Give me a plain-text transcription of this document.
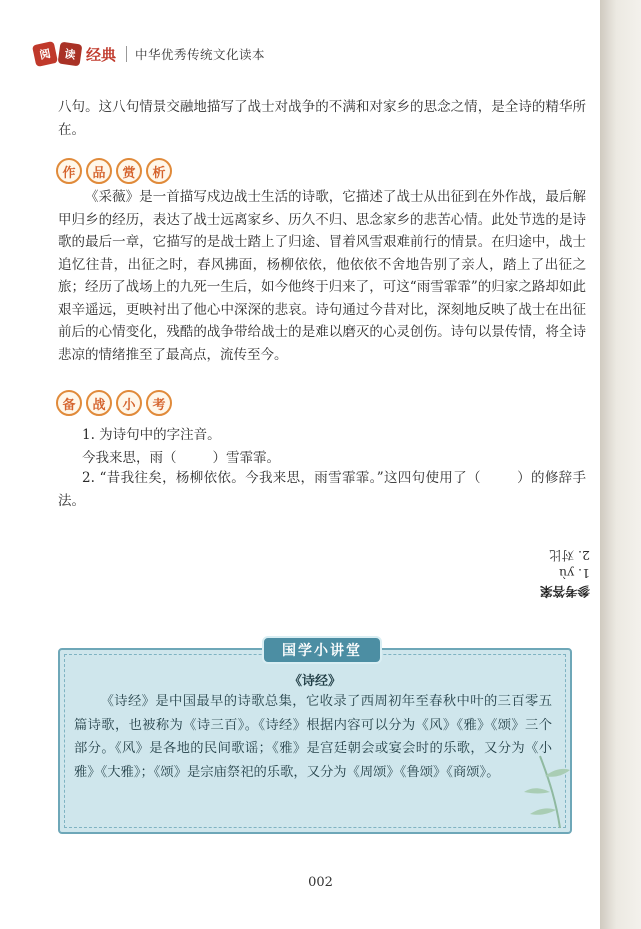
阅	读 经典 中华优秀传统文化读本
八句。这八句情景交融地描写了战士对战争的不满和对家乡的思念之情，是全诗的精华所在。
作	品	赏	析
《采薇》是一首描写戍边战士生活的诗歌，它描述了战士从出征到在外作战，最后解甲归乡的经历，表达了战士远离家乡、历久不归、思念家乡的悲苦心情。此处节选的是诗歌的最后一章，它描写的是战士踏上了归途、冒着风雪艰难前行的情景。在归途中，战士追忆往昔，出征之时，春风拂面，杨柳依依，他依依不舍地告别了亲人，踏上了出征之旅；经历了战场上的九死一生后，如今他终于归来了，可这“雨雪霏霏”的归家之路却如此艰辛遥远，更映衬出了他心中深深的悲哀。诗句通过今昔对比，深刻地反映了战士在出征前后的心情变化，残酷的战争带给战士的是难以磨灭的心灵创伤。诗句以景传情，将全诗悲凉的情绪推至了最高点，流传至今。
备	战	小	考
1. 为诗句中的字注音。
今我来思，雨（	）雪霏霏。
2. “昔我往矣，杨柳依依。今我来思，雨雪霏霏。”这四句使用了（	）的修辞手法。
参考答案
1. yù
2. 对比
国学小讲堂
《诗经》
《诗经》是中国最早的诗歌总集，它收录了西周初年至春秋中叶的三百零五篇诗歌，也被称为《诗三百》。《诗经》根据内容可以分为《风》《雅》《颂》三个部分。《风》是各地的民间歌谣；《雅》是宫廷朝会或宴会时的乐歌，又分为《小雅》《大雅》；《颂》是宗庙祭祀的乐歌，又分为《周颂》《鲁颂》《商颂》。
002
